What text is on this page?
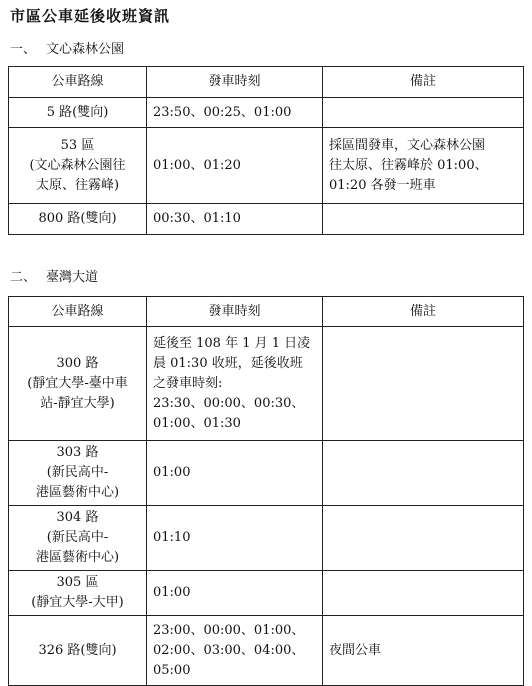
市區公車延後收班資訊
一、 文心森林公園
公車路線	發車時刻	備註

5 路(雙向)	23:50、00:25、01:00	

53 區
(文心森林公園往
太原、往霧峰)	01:00、01:20	採區間發車，文心森林公園
往太原、往霧峰於 01:00、
01:20 各發一班車

800 路(雙向)	00:30、01:10	

二、 臺灣大道
公車路線	發車時刻	備註

300 路
(靜宜大學-臺中車
站-靜宜大學)	延後至 108 年 1 月 1 日凌
晨 01:30 收班，延後收班
之發車時刻:
23:30、00:00、00:30、
01:00、01:30	

303 路
(新民高中-
港區藝術中心)	01:00	

304 路
(新民高中-
港區藝術中心)	01:10	

305 區
(靜宜大學-大甲)	01:00	

326 路(雙向)	23:00、00:00、01:00、
02:00、03:00、04:00、
05:00	夜間公車
